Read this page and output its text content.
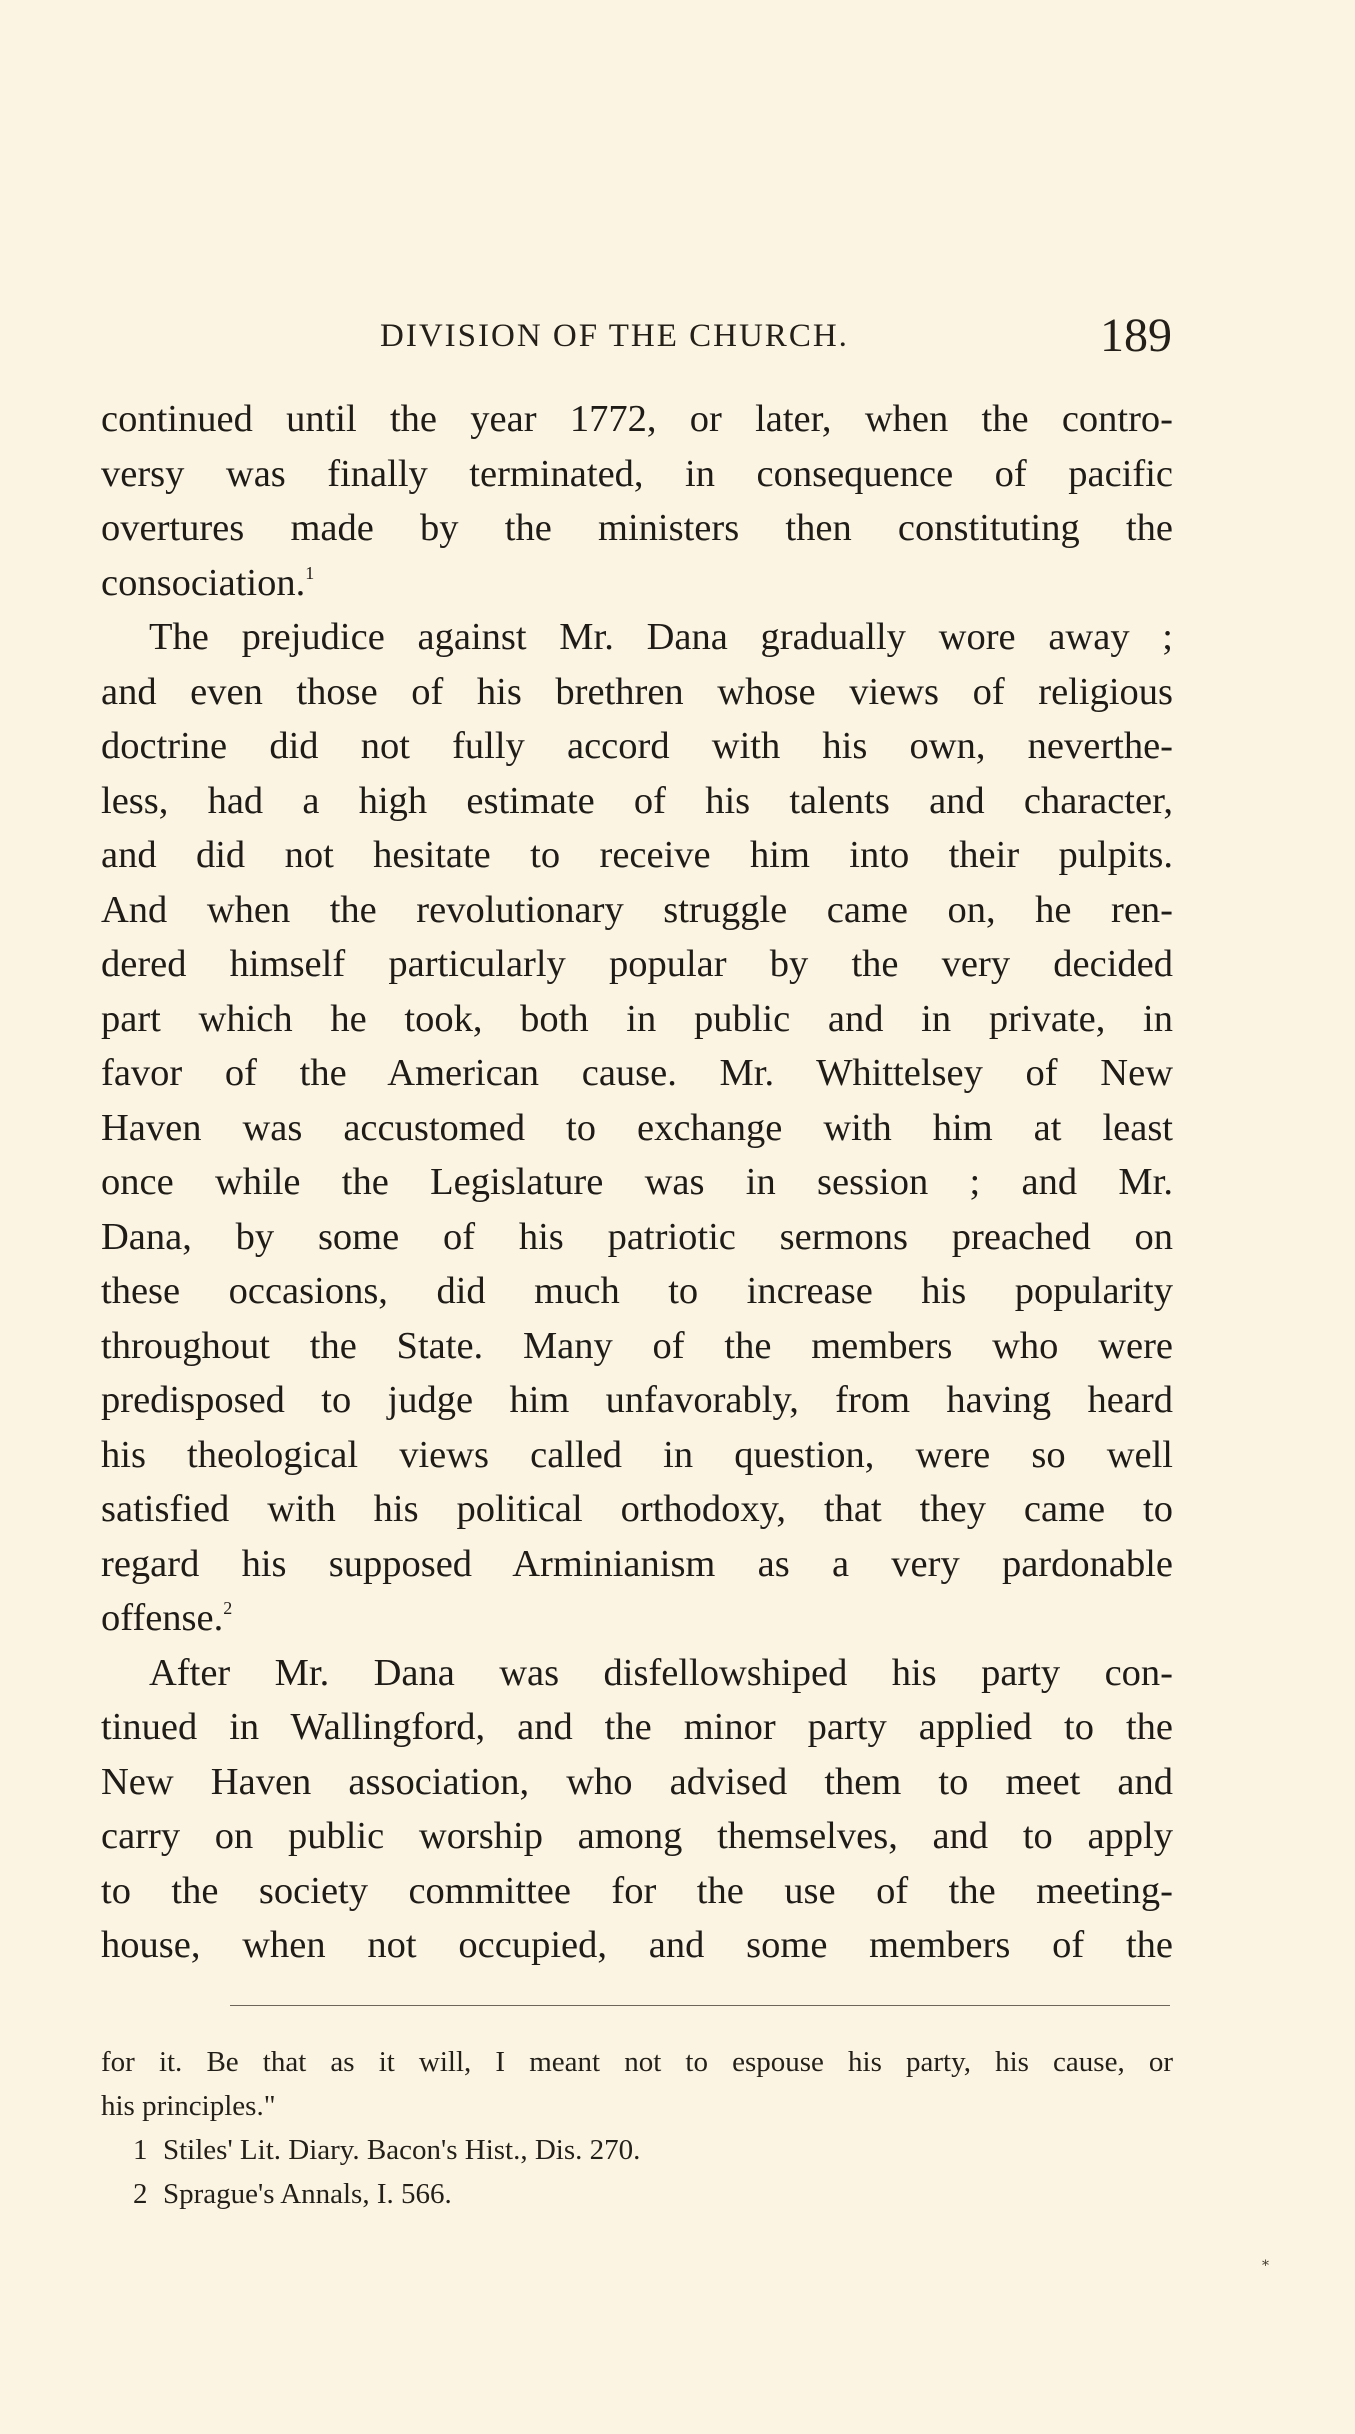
DIVISION OF THE CHURCH.	189

continued until the year 1772, or later, when the contro-
versy was finally terminated, in consequence of pacific
overtures made by the ministers then constituting the
consociation.$^1$

The prejudice against Mr. Dana gradually wore away ;
and even those of his brethren whose views of religious
doctrine did not fully accord with his own, neverthe-
less, had a high estimate of his talents and character,
and did not hesitate to receive him into their pulpits.
And when the revolutionary struggle came on, he ren-
dered himself particularly popular by the very decided
part which he took, both in public and in private, in
favor of the American cause. Mr. Whittelsey of New
Haven was accustomed to exchange with him at least
once while the Legislature was in session ; and Mr.
Dana, by some of his patriotic sermons preached on
these occasions, did much to increase his popularity
throughout the State. Many of the members who were
predisposed to judge him unfavorably, from having heard
his theological views called in question, were so well
satisfied with his political orthodoxy, that they came to
regard his supposed Arminianism as a very pardonable
offense.$^2$

After Mr. Dana was disfellowshiped his party con-
tinued in Wallingford, and the minor party applied to the
New Haven association, who advised them to meet and
carry on public worship among themselves, and to apply
to the society committee for the use of the meeting-
house, when not occupied, and some members of the

for it. Be that as it will, I meant not to espouse his party, his cause, or
his principles."
1 Stiles' Lit. Diary. Bacon's Hist., Dis. 270.
2 Sprague's Annals, I. 566.
*
